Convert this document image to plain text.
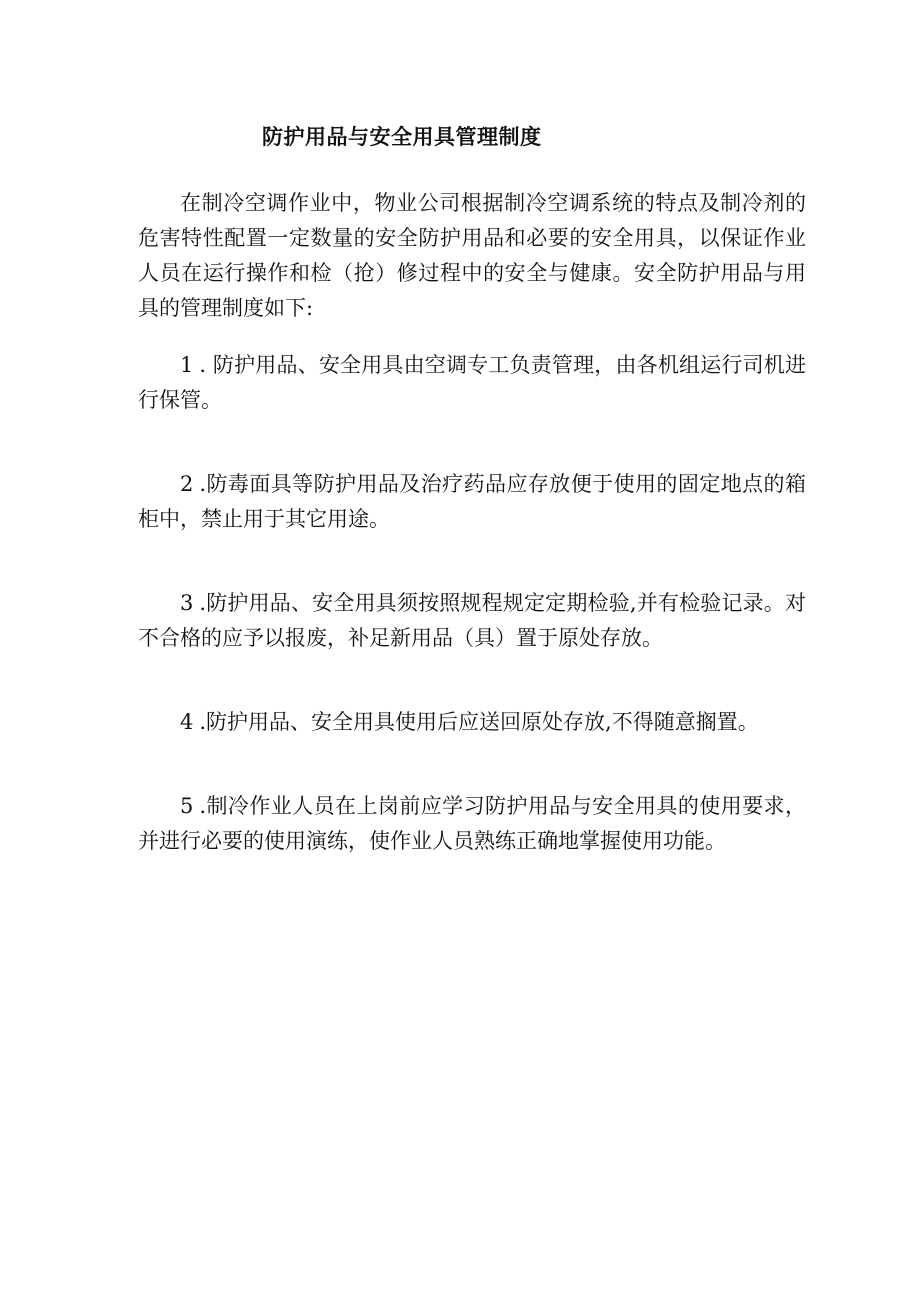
防护用品与安全用具管理制度

在制冷空调作业中，物业公司根据制冷空调系统的特点及制冷剂的危害特性配置一定数量的安全防护用品和必要的安全用具，以保证作业人员在运行操作和检（抢）修过程中的安全与健康。安全防护用品与用具的管理制度如下:

1 . 防护用品、安全用具由空调专工负责管理，由各机组运行司机进行保管。

2 .防毒面具等防护用品及治疗药品应存放便于使用的固定地点的箱柜中，禁止用于其它用途。

3 .防护用品、安全用具须按照规程规定定期检验,并有检验记录。对不合格的应予以报废，补足新用品（具）置于原处存放。

4 .防护用品、安全用具使用后应送回原处存放,不得随意搁置。

5 .制冷作业人员在上岗前应学习防护用品与安全用具的使用要求，并进行必要的使用演练，使作业人员熟练正确地掌握使用功能。
